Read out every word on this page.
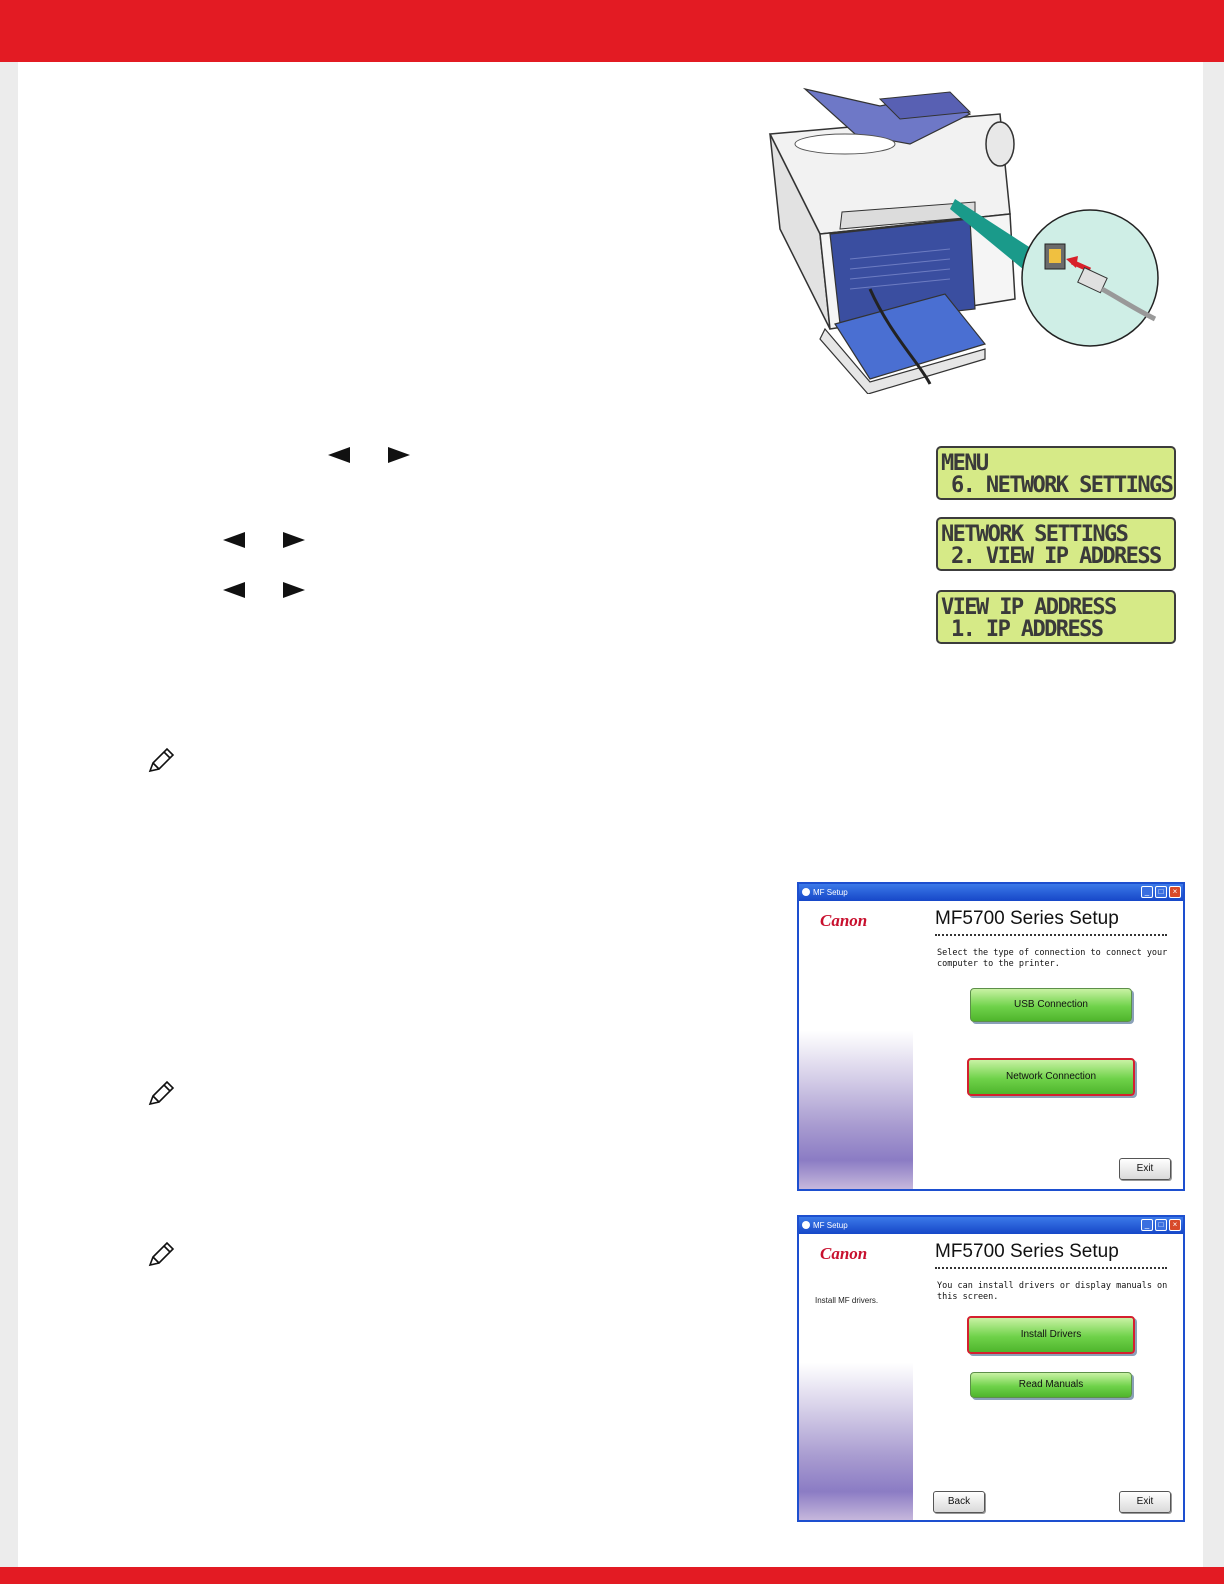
MENU
6. NETWORK SETTINGS
NETWORK SETTINGS
2. VIEW IP ADDRESS
VIEW IP ADDRESS
1. IP ADDRESS
MF Setup	_	□	×
Canon	MF5700 Series Setup
Select the type of connection to connect your computer to the printer.
USB Connection
Network Connection
Exit
MF Setup	_	□	×
Canon
Install MF drivers.
MF5700 Series Setup
You can install drivers or display manuals on this screen.
Install Drivers
Read Manuals
Back	Exit
